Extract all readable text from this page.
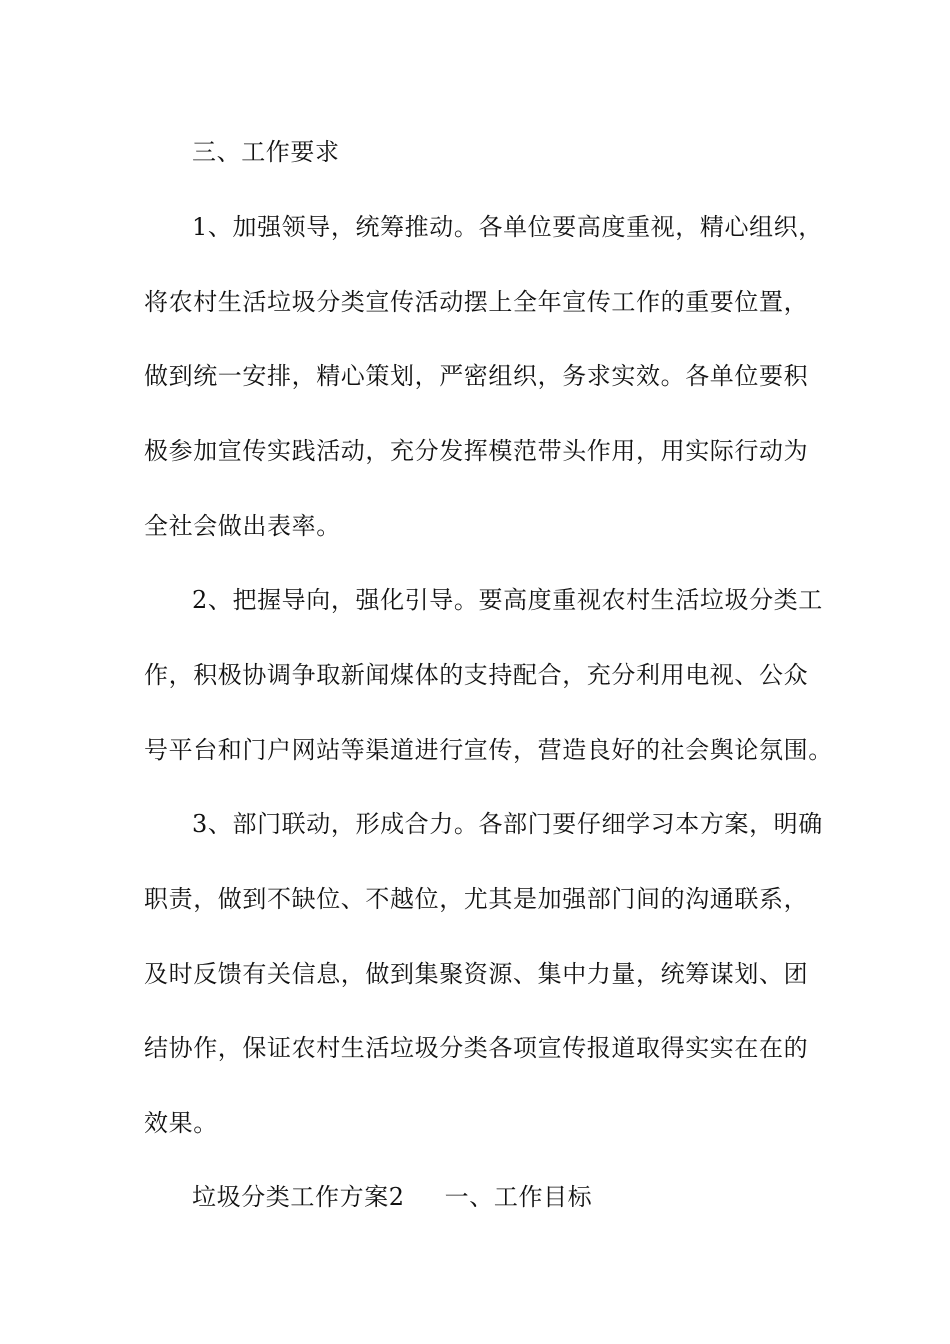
三、工作要求
1、加强领导，统筹推动。各单位要高度重视，精心组织，
将农村生活垃圾分类宣传活动摆上全年宣传工作的重要位置，
做到统一安排，精心策划，严密组织，务求实效。各单位要积
极参加宣传实践活动，充分发挥模范带头作用，用实际行动为
全社会做出表率。
2、把握导向，强化引导。要高度重视农村生活垃圾分类工
作，积极协调争取新闻煤体的支持配合，充分利用电视、公众
号平台和门户网站等渠道进行宣传，营造良好的社会舆论氛围。
3、部门联动，形成合力。各部门要仔细学习本方案，明确
职责，做到不缺位、不越位，尤其是加强部门间的沟通联系，
及时反馈有关信息，做到集聚资源、集中力量，统筹谋划、团
结协作，保证农村生活垃圾分类各项宣传报道取得实实在在的
效果。
垃圾分类工作方案2 一、工作目标
